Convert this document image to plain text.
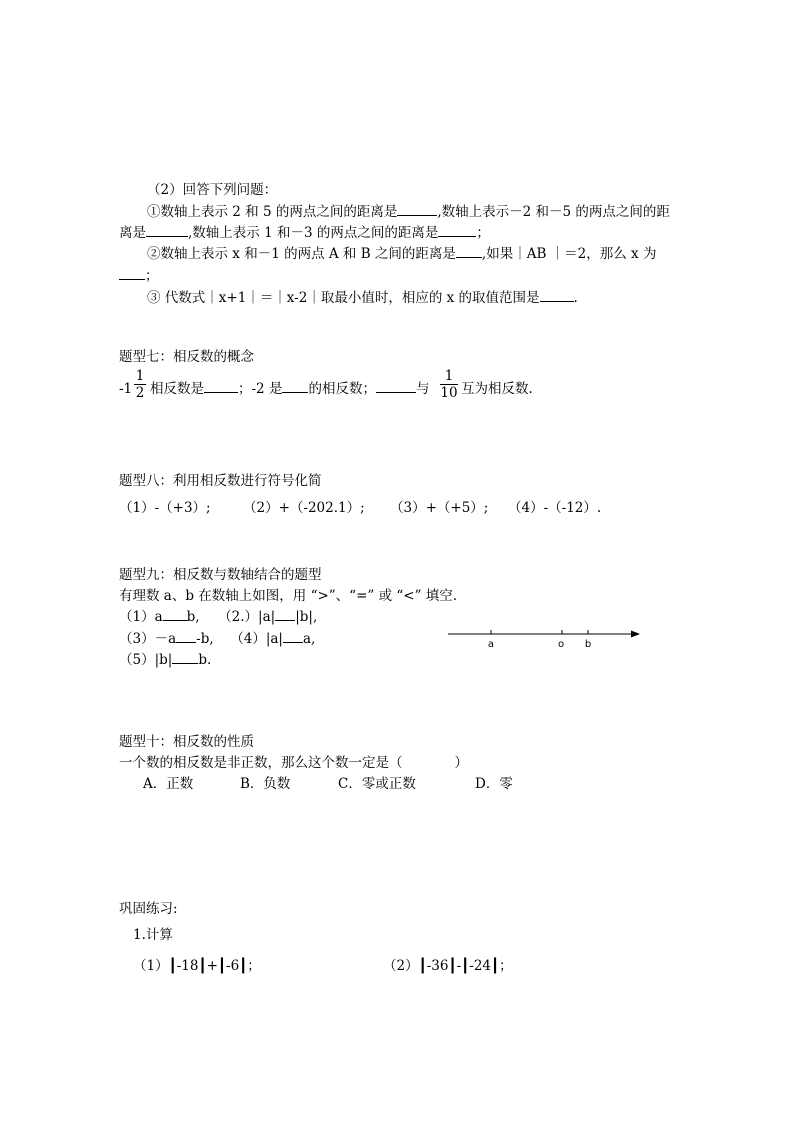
（2）回答下列问题：
①数轴上表示 2 和 5 的两点之间的距离是	,数轴上表示－2 和－5 的两点之间的距
离是	,数轴上表示 1 和－3 的两点之间的距离是	；
②数轴上表示 x 和－1 的两点 A 和 B 之间的距离是 ,如果｜AB ｜＝2，那么 x 为
；
③ 代数式｜x+1｜＝｜x-2｜取最小值时，相应的 x 的取值范围是	.
题型七：相反数的概念
$-1 \frac{1}{2}$ 相反数是	；-2 是 的相反数；	与 $\frac{1}{10}$ 互为相反数.
题型八：利用相反数进行符号化简
（1）-（+3）; （2）+（-202.1）; （3）+（+5）; （4）-（-12）.
题型九：相反数与数轴结合的题型
有理数 a、b 在数轴上如图，用 “>”、“=” 或 “<” 填空.
（1）a b, （2.）|a| |b|,
（3）－a -b, （4）|a| a,
（5）|b| b.
a	o b
题型十：相反数的性质
一个数的相反数是非正数，那么这个数一定是（	）
A．正数	B．负数	C．零或正数	D．零
巩固练习:
1.计算
（1）┃-18┃+┃-6┃；	（2）┃-36┃-┃-24┃；
